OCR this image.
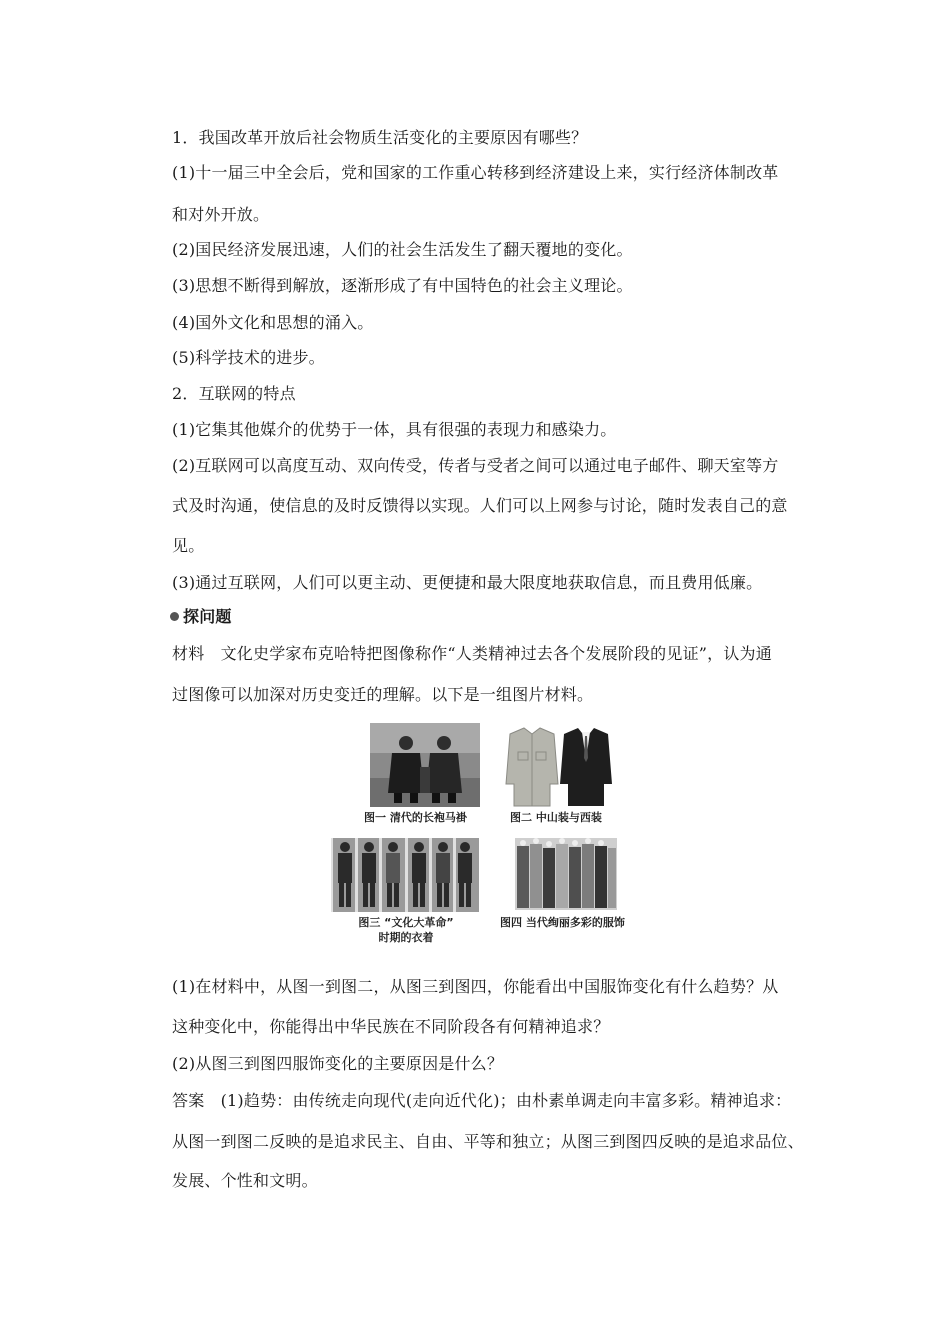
1．我国改革开放后社会物质生活变化的主要原因有哪些？
(1)十一届三中全会后，党和国家的工作重心转移到经济建设上来，实行经济体制改革
和对外开放。
(2)国民经济发展迅速，人们的社会生活发生了翻天覆地的变化。
(3)思想不断得到解放，逐渐形成了有中国特色的社会主义理论。
(4)国外文化和思想的涌入。
(5)科学技术的进步。
2．互联网的特点
(1)它集其他媒介的优势于一体，具有很强的表现力和感染力。
(2)互联网可以高度互动、双向传受，传者与受者之间可以通过电子邮件、聊天室等方
式及时沟通，使信息的及时反馈得以实现。人们可以上网参与讨论，随时发表自己的意
见。
(3)通过互联网，人们可以更主动、更便捷和最大限度地获取信息，而且费用低廉。
探问题
材料　文化史学家布克哈特把图像称作“人类精神过去各个发展阶段的见证”，认为通
过图像可以加深对历史变迁的理解。以下是一组图片材料。
图一 清代的长袍马褂	图二 中山装与西装
图三 “文化大革命”
时期的衣着
图四 当代绚丽多彩的服饰
(1)在材料中，从图一到图二，从图三到图四，你能看出中国服饰变化有什么趋势？从
这种变化中，你能得出中华民族在不同阶段各有何精神追求？
(2)从图三到图四服饰变化的主要原因是什么？
答案　(1)趋势：由传统走向现代(走向近代化)；由朴素单调走向丰富多彩。精神追求：
从图一到图二反映的是追求民主、自由、平等和独立；从图三到图四反映的是追求品位、
发展、个性和文明。
